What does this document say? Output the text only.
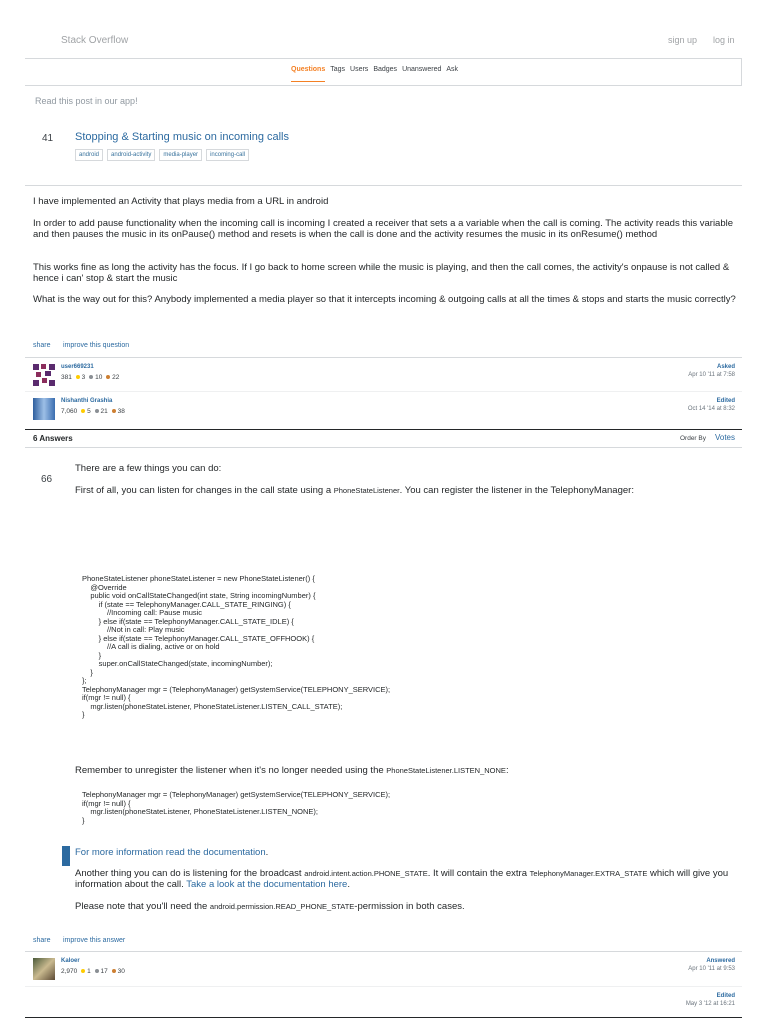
Stack Overflow	sign up log in
Questions Tags Users Badges Unanswered Ask
Read this post in our app!
41 Stopping & Starting music on incoming calls
android	android-activity	media-player	incoming-call
I have implemented an Activity that plays media from a URL in android
In order to add pause functionality when the incoming call is incoming I created a receiver that sets a a variable when the call is coming. The activity reads this variable and then pauses the music in its onPause() method and resets is when the call is done and the activity resumes the music in its onResume() method
This works fine as long the activity has the focus. If I go back to home screen while the music is playing, and then the call comes, the activity's onpause is not called & hence i can' stop & start the music
What is the way out for this? Anybody implemented a media player so that it intercepts incoming & outgoing calls at all the times & stops and starts the music correctly?
share improve this question
user669231
381 3 10 22
Asked
Apr 10 '11 at 7:58
Nishanthi Grashia
7,060 5 21 38
Edited
Oct 14 '14 at 8:32
6 Answers	Order By Votes
66
There are a few things you can do:
First of all, you can listen for changes in the call state using a PhoneStateListener. You can register the listener in the TelephonyManager:
PhoneStateListener phoneStateListener = new PhoneStateListener() {
@Override
public void onCallStateChanged(int state, String incomingNumber) {
if (state == TelephonyManager.CALL_STATE_RINGING) {
//Incoming call: Pause music
} else if(state == TelephonyManager.CALL_STATE_IDLE) {
//Not in call: Play music
} else if(state == TelephonyManager.CALL_STATE_OFFHOOK) {
//A call is dialing, active or on hold
}
super.onCallStateChanged(state, incomingNumber);
}
};
TelephonyManager mgr = (TelephonyManager) getSystemService(TELEPHONY_SERVICE);
if(mgr != null) {
mgr.listen(phoneStateListener, PhoneStateListener.LISTEN_CALL_STATE);
}
Remember to unregister the listener when it's no longer needed using the PhoneStateListener.LISTEN_NONE:
TelephonyManager mgr = (TelephonyManager) getSystemService(TELEPHONY_SERVICE);
if(mgr != null) {
mgr.listen(phoneStateListener, PhoneStateListener.LISTEN_NONE);
}
For more information read the documentation.
Another thing you can do is listening for the broadcast android.intent.action.PHONE_STATE. It will contain the extra TelephonyManager.EXTRA_STATE which will give you information about the call. Take a look at the documentation here.
Please note that you'll need the android.permission.READ_PHONE_STATE-permission in both cases.
share improve this answer
Kaloer
2,970 1 17 30
Answered
Apr 10 '11 at 9:53
Edited
May 3 '12 at 16:21
